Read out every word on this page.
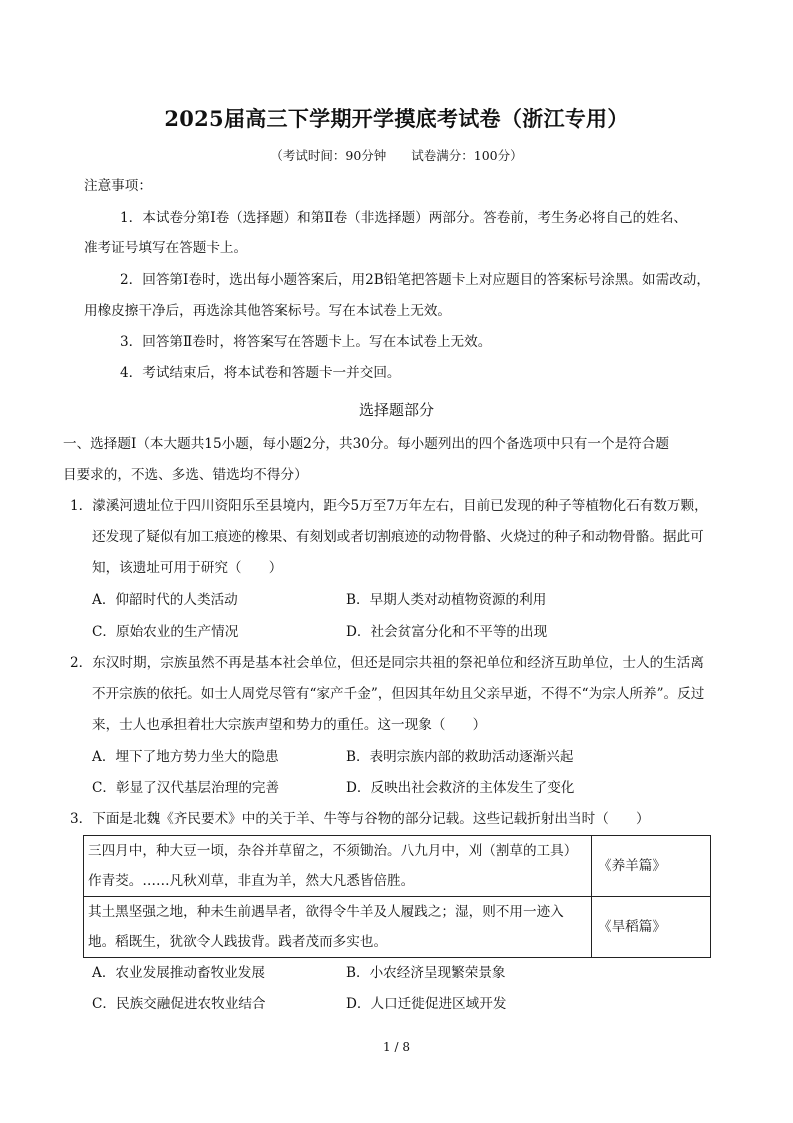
2025届高三下学期开学摸底考试卷（浙江专用）
（考试时间：90分钟　　试卷满分：100分）
注意事项：
1．本试卷分第Ⅰ卷（选择题）和第Ⅱ卷（非选择题）两部分。答卷前，考生务必将自己的姓名、
准考证号填写在答题卡上。
2．回答第Ⅰ卷时，选出每小题答案后，用2B铅笔把答题卡上对应题目的答案标号涂黑。如需改动，
用橡皮擦干净后，再选涂其他答案标号。写在本试卷上无效。
3．回答第Ⅱ卷时，将答案写在答题卡上。写在本试卷上无效。
4．考试结束后，将本试卷和答题卡一并交回。
选择题部分
一、选择题Ⅰ（本大题共15小题，每小题2分，共30分。每小题列出的四个备选项中只有一个是符合题
目要求的，不选、多选、错选均不得分）
1．濛溪河遗址位于四川资阳乐至县境内，距今5万至7万年左右，目前已发现的种子等植物化石有数万颗，
还发现了疑似有加工痕迹的橡果、有刻划或者切割痕迹的动物骨骼、火烧过的种子和动物骨骼。据此可
知，该遗址可用于研究（　　）
A．仰韶时代的人类活动	B．早期人类对动植物资源的利用
C．原始农业的生产情况	D．社会贫富分化和不平等的出现
2．东汉时期，宗族虽然不再是基本社会单位，但还是同宗共祖的祭祀单位和经济互助单位，士人的生活离
不开宗族的依托。如士人周党尽管有“家产千金”，但因其年幼且父亲早逝，不得不“为宗人所养”。反过
来，士人也承担着壮大宗族声望和势力的重任。这一现象（　　）
A．埋下了地方势力坐大的隐患	B．表明宗族内部的救助活动逐渐兴起
C．彰显了汉代基层治理的完善	D．反映出社会救济的主体发生了变化
3．下面是北魏《齐民要术》中的关于羊、牛等与谷物的部分记载。这些记载折射出当时（　　）
三四月中，种大豆一顷，杂谷并草留之，不须锄治。八九月中，刈（割草的工具）
作青茭。……凡秋刈草，非直为羊，然大凡悉皆倍胜。	《养羊篇》

其土黑坚强之地，种未生前遇旱者，欲得令牛羊及人履践之；湿，则不用一迹入
地。稻既生，犹欲令人践拔背。践者茂而多实也。	《旱稻篇》
A．农业发展推动畜牧业发展	B．小农经济呈现繁荣景象
C．民族交融促进农牧业结合	D．人口迁徙促进区域开发
1 / 8
